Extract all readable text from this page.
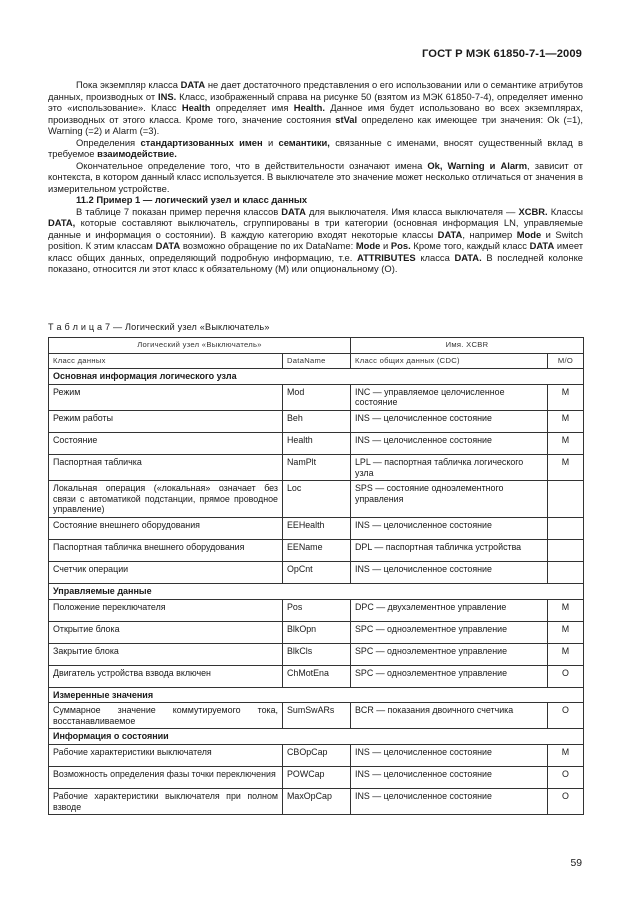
ГОСТ Р МЭК 61850-7-1—2009

Пока экземпляр класса DATA не дает достаточного представления о его использовании или о семантике атрибутов данных, производных от INS. Класс, изображенный справа на рисунке 50 (взятом из МЭК 61850-7-4), определяет именно это «использование». Класс Health определяет имя Health. Данное имя будет использовано во всех экземплярах, производных от этого класса. Кроме того, значение состояния stVal определено как имеющее три значения: Ok (=1), Warning (=2) и Alarm (=3).

Определения стандартизованных имен и семантики, связанные с именами, вносят существенный вклад в требуемое взаимодействие.

Окончательное определение того, что в действительности означают имена Ok, Warning и Alarm, зависит от контекста, в котором данный класс используется. В выключателе это значение может несколько отличаться от значения в измерительном устройстве.

11.2 Пример 1 — логический узел и класс данных

В таблице 7 показан пример перечня классов DATA для выключателя. Имя класса выключателя — XCBR. Классы DATA, которые составляют выключатель, сгруппированы в три категории (основная информация LN, управляемые данные и информация о состоянии). В каждую категорию входят некоторые классы DATA, например Mode и Switch position. К этим классам DATA возможно обращение по их DataName: Mode и Pos. Кроме того, каждый класс DATA имеет класс общих данных, определяющий подробную информацию, т.е. ATTRIBUTES класса DATA. В последней колонке показано, относится ли этот класс к обязательному (M) или опциональному (O).

Т а б л и ц а 7 — Логический узел «Выключатель»
Логический узел «Выключатель»		Имя. XCBR	
Класс данных	DataName	Класс общих данных (CDC)	M/O
Основная информация логического узла			
Режим	Mod	INC — управляемое целочисленное состояние	M
Режим работы	Beh	INS — целочисленное состояние	M
Состояние	Health	INS — целочисленное состояние	M
Паспортная табличка	NamPlt	LPL — паспортная табличка логического узла	M
Локальная операция («локальная» означает без связи с автоматикой подстанции, прямое проводное управление)	Loc	SPS — состояние одноэлементного управления	
Состояние внешнего оборудования	EEHealth	INS — целочисленное состояние	
Паспортная табличка внешнего оборудования	EEName	DPL — паспортная табличка устройства	
Счетчик операции	OpCnt	INS — целочисленное состояние	
Управляемые данные			
Положение переключателя	Pos	DPC — двухэлементное управление	M
Открытие блока	BlkOpn	SPC — одноэлементное управление	M
Закрытие блока	BlkCls	SPC — одноэлементное управление	M
Двигатель устройства взвода включен	ChMotEna	SPC — одноэлементное управление	O
Измеренные значения			
Суммарное значение коммутируемого тока, восстанавливаемое	SumSwARs	BCR — показания двоичного счетчика	O
Информация о состоянии			
Рабочие характеристики выключателя	CBOpCap	INS — целочисленное состояние	M
Возможность определения фазы точки переключения	POWCap	INS — целочисленное состояние	O
Рабочие характеристики выключателя при полном взводе	MaxOpCap	INS — целочисленное состояние	O
59
